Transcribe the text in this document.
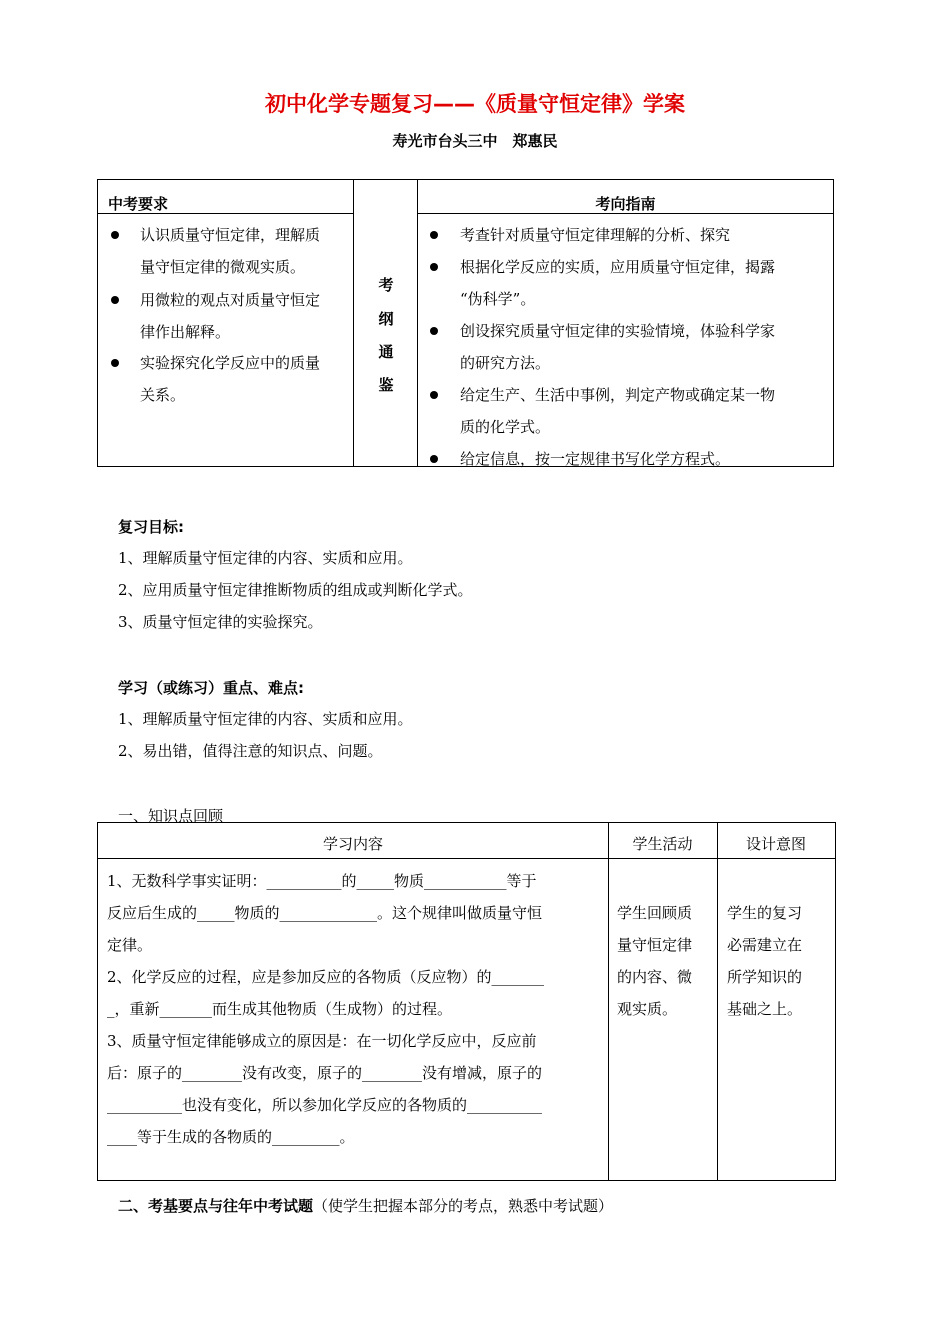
初中化学专题复习——《质量守恒定律》学案
寿光市台头三中　郑惠民
中考要求
认识质量守恒定律，理解质
量守恒定律的微观实质。
用微粒的观点对质量守恒定
律作出解释。
实验探究化学反应中的质量
关系。
考
纲
通
鉴
考向指南
考查针对质量守恒定律理解的分析、探究
根据化学反应的实质，应用质量守恒定律，揭露
“伪科学”。
创设探究质量守恒定律的实验情境，体验科学家
的研究方法。
给定生产、生活中事例，判定产物或确定某一物
质的化学式。
给定信息，按一定规律书写化学方程式。
复习目标:
1、理解质量守恒定律的内容、实质和应用。
2、应用质量守恒定律推断物质的组成或判断化学式。
3、质量守恒定律的实验探究。
学习（或练习）重点、难点:
1、理解质量守恒定律的内容、实质和应用。
2、易出错，值得注意的知识点、问题。
一、知识点回顾
学习内容	学生活动	设计意图
1、无数科学事实证明：__________的_____物质___________等于
反应后生成的_____物质的_____________。这个规律叫做质量守恒
定律。
2、化学反应的过程，应是参加反应的各物质（反应物）的_______
_，重新_______而生成其他物质（生成物）的过程。
3、质量守恒定律能够成立的原因是：在一切化学反应中，反应前
后：原子的________没有改变，原子的________没有增减，原子的
__________也没有变化，所以参加化学反应的各物质的__________
____等于生成的各物质的_________。
学生回顾质
量守恒定律
的内容、微
观实质。
学生的复习
必需建立在
所学知识的
基础之上。
二、考基要点与往年中考试题（使学生把握本部分的考点，熟悉中考试题）
